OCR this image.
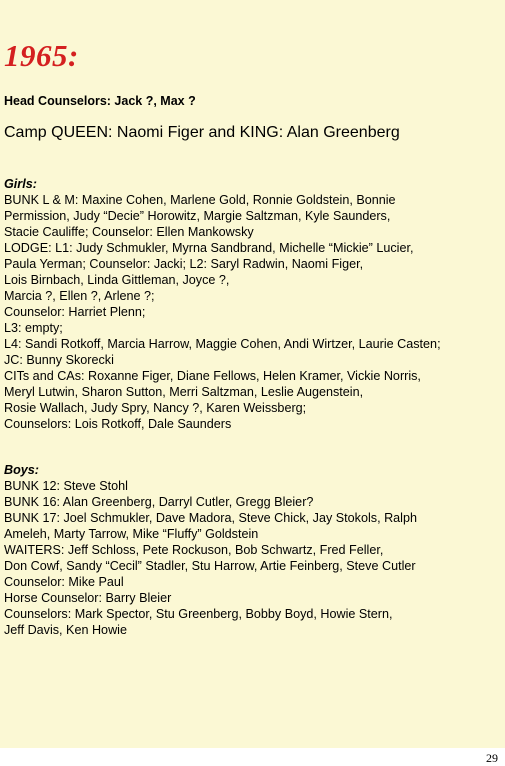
1965:
Head Counselors: Jack ?, Max ?
Camp QUEEN: Naomi Figer and KING: Alan Greenberg
Girls:
BUNK L & M: Maxine Cohen, Marlene Gold, Ronnie Goldstein, Bonnie
Permission, Judy “Decie” Horowitz, Margie Saltzman, Kyle Saunders,
Stacie Cauliffe; Counselor: Ellen Mankowsky
LODGE: L1: Judy Schmukler, Myrna Sandbrand, Michelle “Mickie” Lucier,
Paula Yerman; Counselor: Jacki; L2: Saryl Radwin, Naomi Figer,
Lois Birnbach, Linda Gittleman, Joyce ?,
Marcia ?, Ellen ?, Arlene ?;
Counselor: Harriet Plenn;
L3: empty;
L4: Sandi Rotkoff, Marcia Harrow, Maggie Cohen, Andi Wirtzer, Laurie Casten;
JC: Bunny Skorecki
CITs and CAs: Roxanne Figer, Diane Fellows, Helen Kramer, Vickie Norris,
Meryl Lutwin, Sharon Sutton, Merri Saltzman, Leslie Augenstein,
Rosie Wallach, Judy Spry, Nancy ?, Karen Weissberg;
Counselors: Lois Rotkoff, Dale Saunders
Boys:
BUNK 12: Steve Stohl
BUNK 16: Alan Greenberg, Darryl Cutler, Gregg Bleier?
BUNK 17: Joel Schmukler, Dave Madora, Steve Chick, Jay Stokols, Ralph
Ameleh, Marty Tarrow, Mike “Fluffy” Goldstein
WAITERS: Jeff Schloss, Pete Rockuson, Bob Schwartz, Fred Feller,
Don Cowf, Sandy “Cecil” Stadler, Stu Harrow, Artie Feinberg, Steve Cutler
Counselor: Mike Paul
Horse Counselor: Barry Bleier
Counselors: Mark Spector, Stu Greenberg, Bobby Boyd, Howie Stern,
Jeff Davis, Ken Howie
29
